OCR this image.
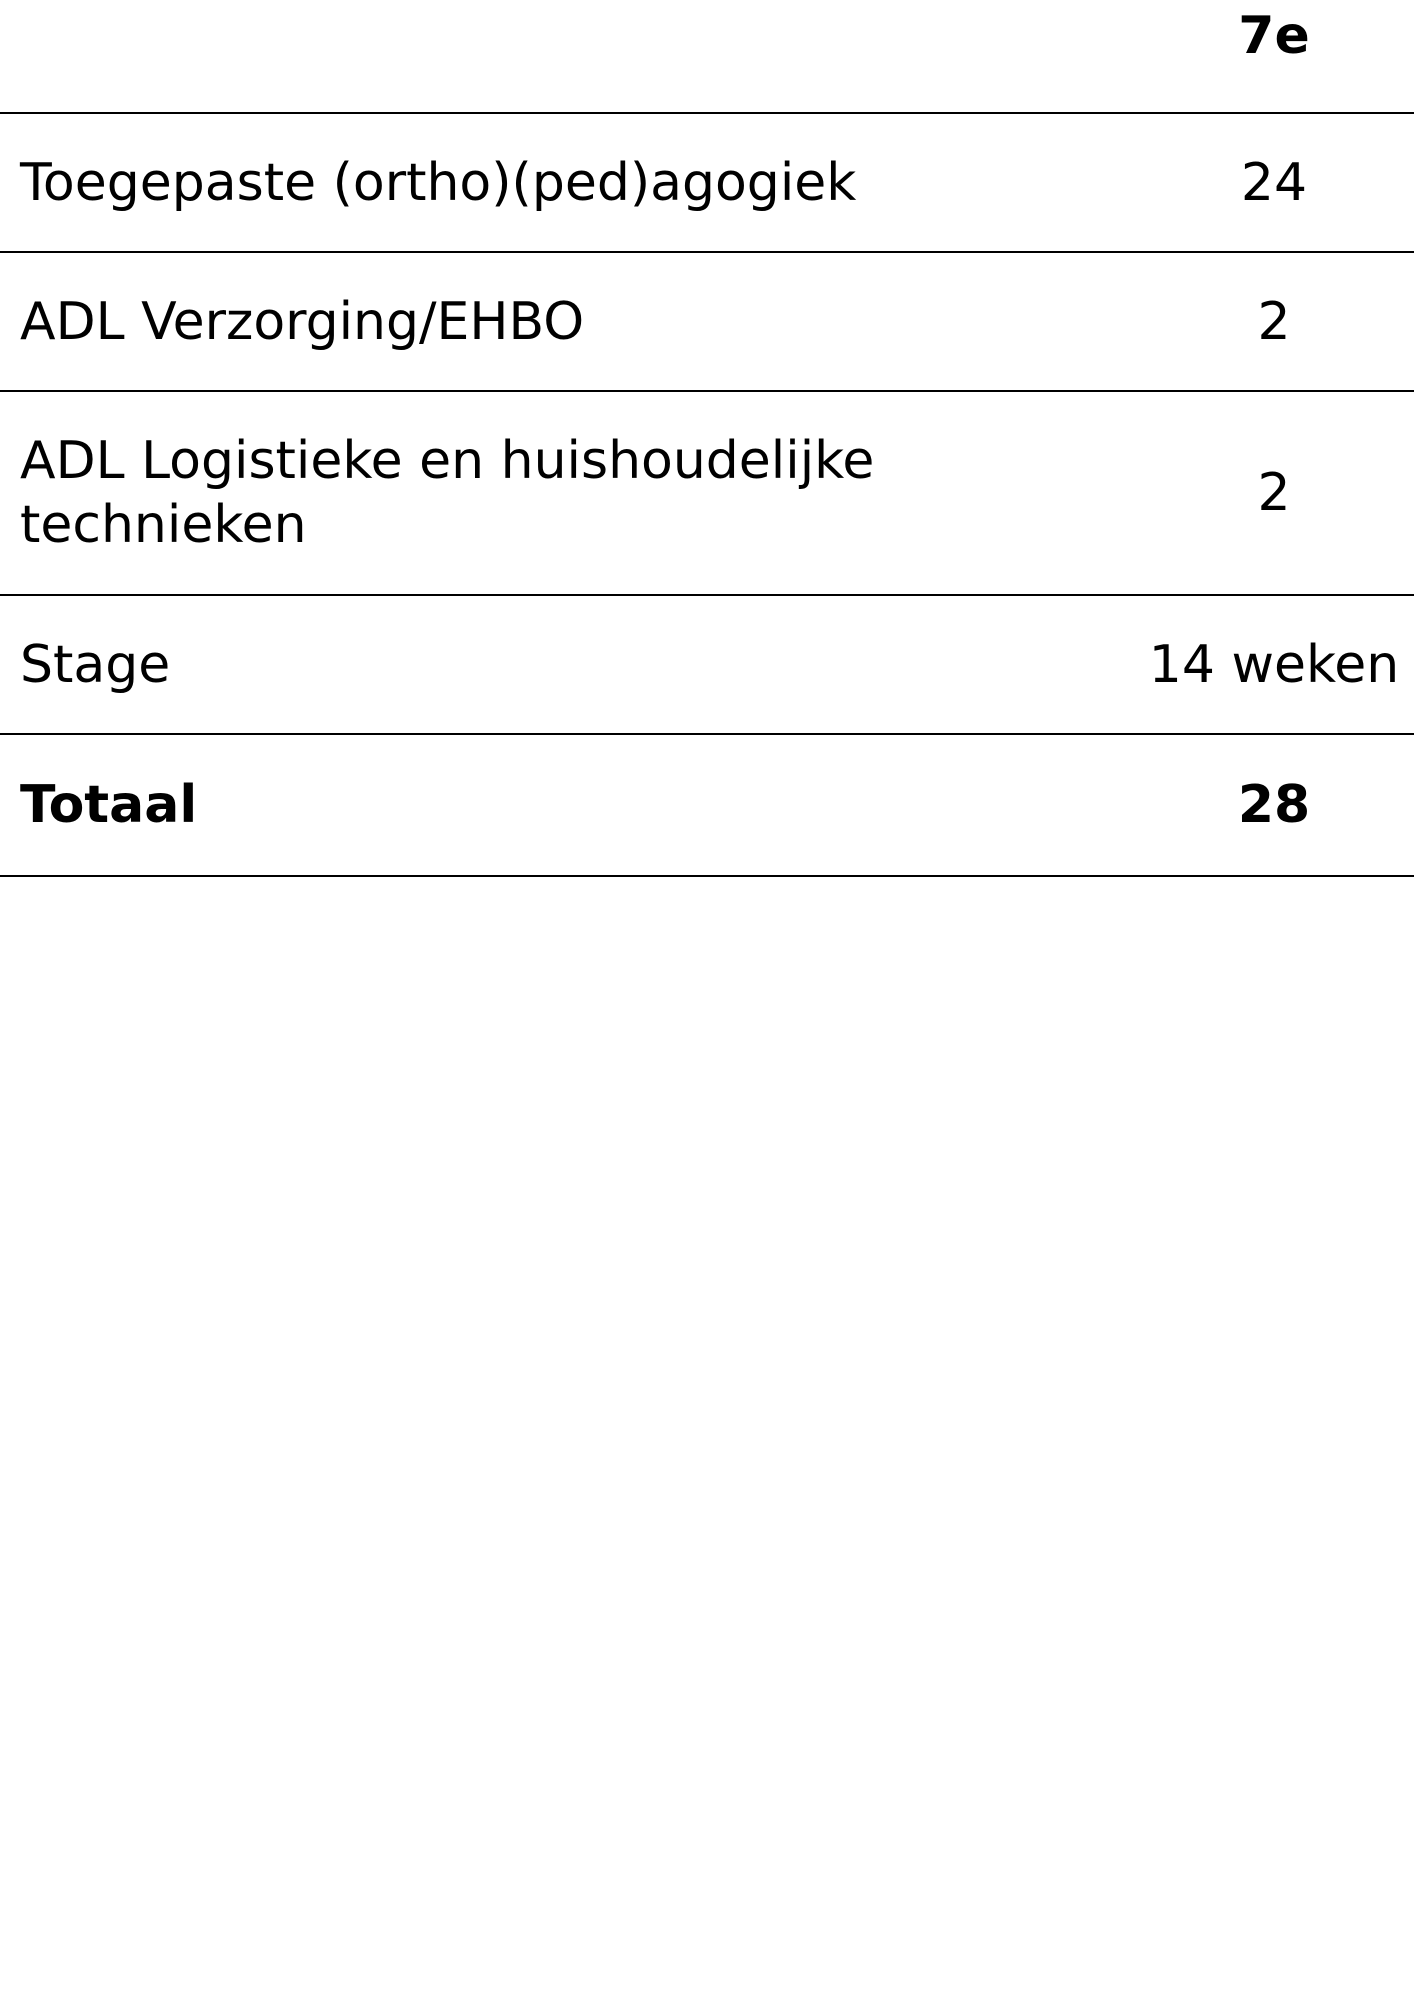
	7e
Toegepaste (ortho)(ped)agogiek	24
ADL Verzorging/EHBO	2
ADL Logistieke en huishoudelijke technieken	2
Stage	14 weken
Totaal	28
